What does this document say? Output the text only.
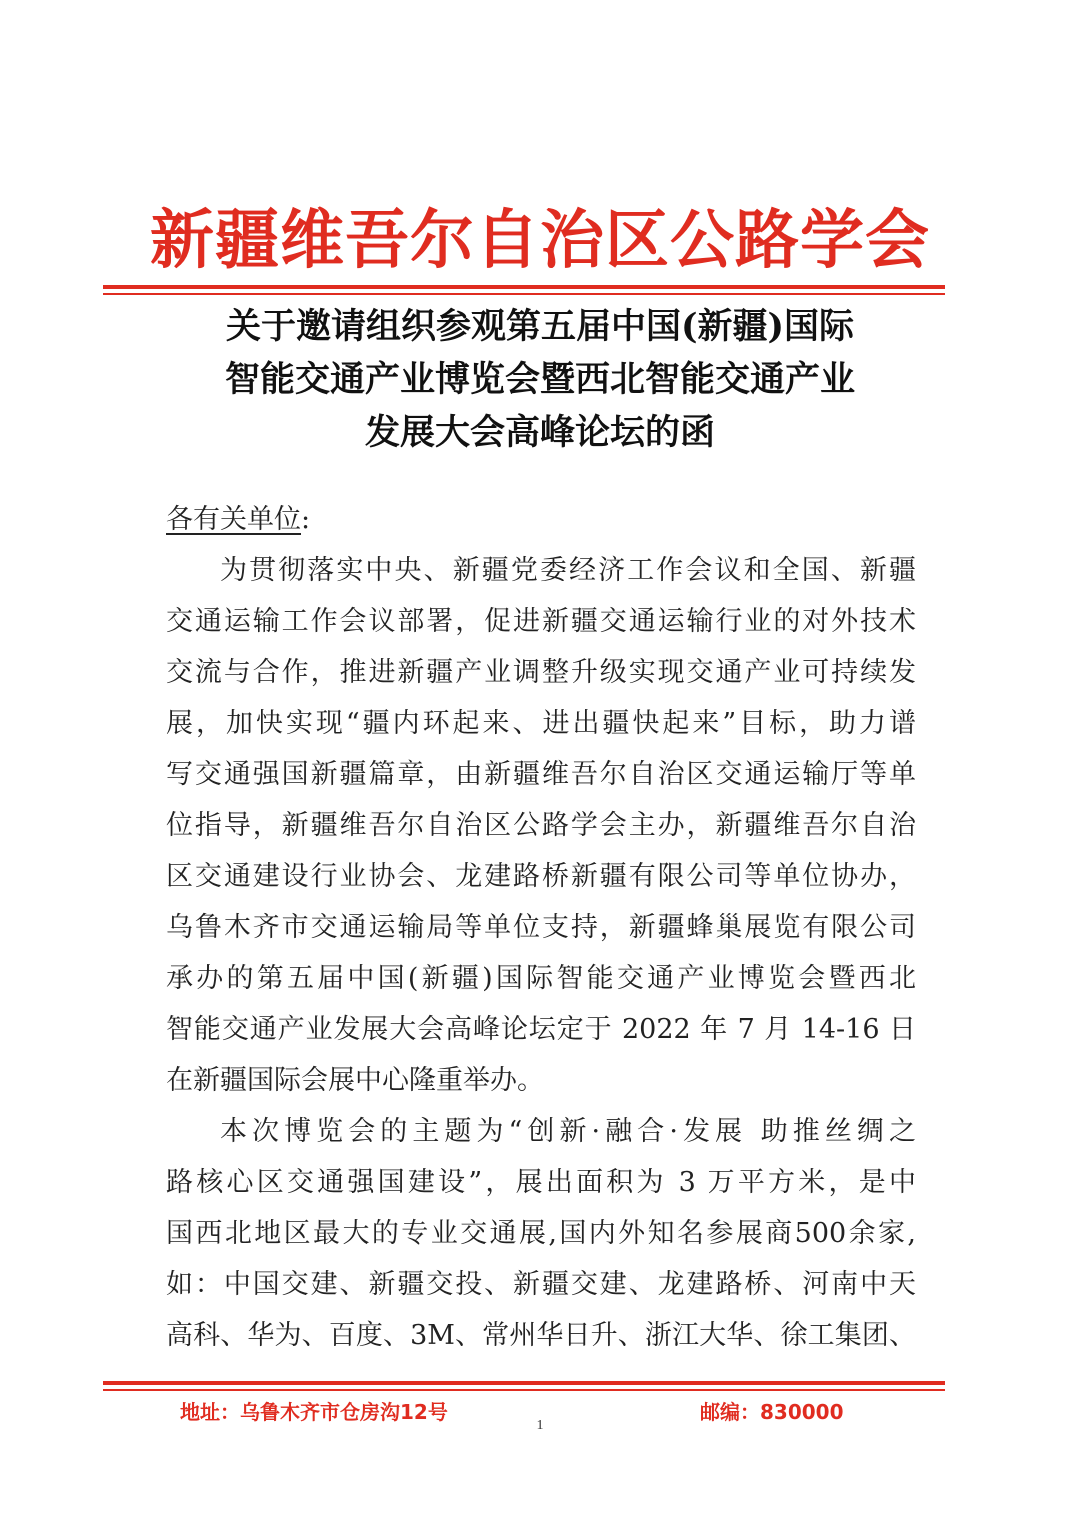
新疆维吾尔自治区公路学会
关于邀请组织参观第五届中国(新疆)国际
智能交通产业博览会暨西北智能交通产业
发展大会高峰论坛的函
各有关单位:
为贯彻落实中央、新疆党委经济工作会议和全国、新疆
交通运输工作会议部署，促进新疆交通运输行业的对外技术
交流与合作，推进新疆产业调整升级实现交通产业可持续发
展，加快实现“疆内环起来、进出疆快起来”目标，助力谱
写交通强国新疆篇章，由新疆维吾尔自治区交通运输厅等单
位指导，新疆维吾尔自治区公路学会主办，新疆维吾尔自治
区交通建设行业协会、龙建路桥新疆有限公司等单位协办，
乌鲁木齐市交通运输局等单位支持，新疆蜂巢展览有限公司
承办的第五届中国(新疆)国际智能交通产业博览会暨西北
智能交通产业发展大会高峰论坛定于 2022 年 7 月 14-16 日
在新疆国际会展中心隆重举办。
本次博览会的主题为“创新·融合·发展 助推丝绸之
路核心区交通强国建设”，展出面积为 3 万平方米，是中
国西北地区最大的专业交通展,国内外知名参展商500余家,
如：中国交建、新疆交投、新疆交建、龙建路桥、河南中天
高科、华为、百度、3M、常州华日升、浙江大华、徐工集团、
地址：乌鲁木齐市仓房沟12号	邮编：830000
1
